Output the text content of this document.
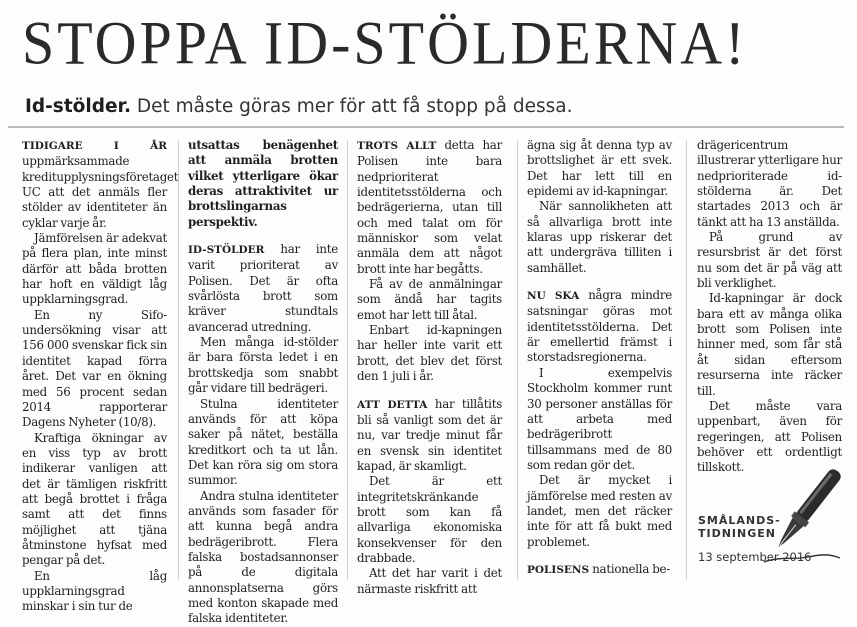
STOPPA ID-STÖLDERNA!
Id-stölder. Det måste göras mer för att få stopp på dessa.

TIDIGARE I ÅR uppmärksammade kreditupplysningsföretaget UC att det anmäls fler stölder av identiteter än cyklar varje år.

Jämförelsen är adekvat på flera plan, inte minst därför att båda brotten har hoft en väldigt låg uppklarningsgrad.

En ny Sifo-undersökning visar att 156 000 svenskar fick sin identitet kapad förra året. Det var en ökning med 56 procent sedan 2014 rapporterar Dagens Nyheter (10/8).

Kraftiga ökningar av en viss typ av brott indikerar vanligen att det är tämligen riskfritt att begå brottet i fråga samt att det finns möjlighet att tjäna åtminstone hyfsat med pengar på det.

En låg uppklarningsgrad minskar i sin tur de

utsattas benägenhet att anmäla brotten vilket ytterligare ökar deras attraktivitet ur brottslingarnas perspektiv.

ID-STÖLDER har inte varit prioriterat av Polisen. Det är ofta svårlösta brott som kräver stundtals avancerad utredning.

Men många id-stölder är bara första ledet i en brottskedja som snabbt går vidare till bedrägeri.

Stulna identiteter används för att köpa saker på nätet, beställa kreditkort och ta ut lån. Det kan röra sig om stora summor.

Andra stulna identiteter används som fasader för att kunna begå andra bedrägeribrott. Flera falska bostadsannonser på de digitala annonsplatserna görs med konton skapade med falska identiteter.

TROTS ALLT detta har Polisen inte bara nedprioriterat identitetsstölderna och bedrägerierna, utan till och med talat om för människor som velat anmäla dem att något brott inte har begåtts.

Få av de anmälningar som ändå har tagits emot har lett till åtal.

Enbart id-kapningen har heller inte varit ett brott, det blev det först den 1 juli i år.

ATT DETTA har tillåtits bli så vanligt som det är nu, var tredje minut får en svensk sin identitet kapad, är skamligt.

Det är ett integritetskränkande brott som kan få allvarliga ekonomiska konsekvenser för den drabbade.

Att det har varit i det närmaste riskfritt att

ägna sig åt denna typ av brottslighet är ett svek. Det har lett till en epidemi av id-kapningar.

När sannolikheten att så allvarliga brott inte klaras upp riskerar det att undergräva tilliten i samhället.

NU SKA några mindre satsningar göras mot identitetsstölderna. Det är emellertid främst i storstadsregionerna.

I exempelvis Stockholm kommer runt 30 personer anställas för att arbeta med bedrägeribrott tillsammans med de 80 som redan gör det.

Det är mycket i jämförelse med resten av landet, men det räcker inte för att få bukt med problemet.

POLISENS nationella be-

drägericentrum illustrerar ytterligare hur nedprioriterade id-stölderna är. Det startades 2013 och är tänkt att ha 13 anställda.

På grund av resursbrist är det först nu som det är på väg att bli verklighet.

Id-kapningar är dock bara ett av många olika brott som Polisen inte hinner med, som får stå åt sidan eftersom resurserna inte räcker till.

Det måste vara uppenbart, även för regeringen, att Polisen behöver ett ordentligt tillskott.

SMÅLANDS-
TIDNINGEN
13 september 2016
